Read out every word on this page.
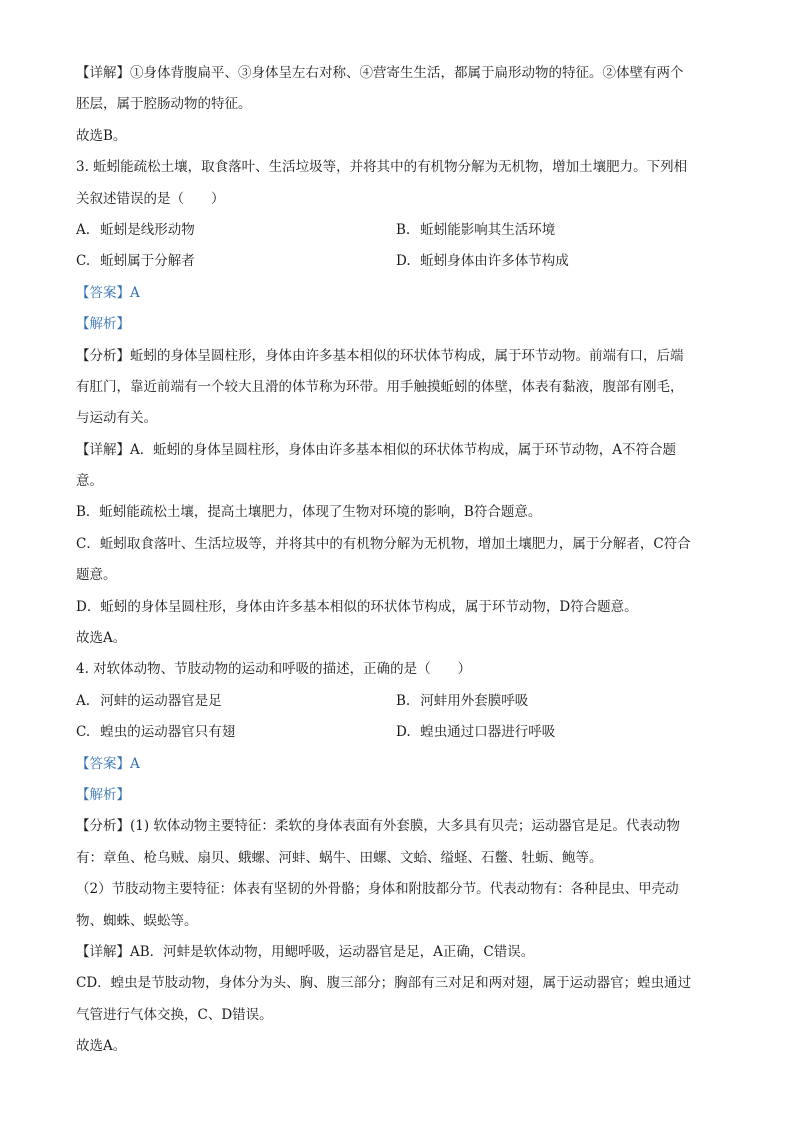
【详解】①身体背腹扁平、③身体呈左右对称、④营寄生生活，都属于扁形动物的特征。②体壁有两个
胚层，属于腔肠动物的特征。
故选B。
3. 蚯蚓能疏松土壤，取食落叶、生活垃圾等，并将其中的有机物分解为无机物，增加土壤肥力。下列相
关叙述错误的是（　　）
A. 蚯蚓是线形动物	B. 蚯蚓能影响其生活环境
C. 蚯蚓属于分解者	D. 蚯蚓身体由许多体节构成
【答案】A
【解析】
【分析】蚯蚓的身体呈圆柱形，身体由许多基本相似的环状体节构成，属于环节动物。前端有口，后端
有肛门，靠近前端有一个较大且滑的体节称为环带。用手触摸蚯蚓的体壁，体表有黏液，腹部有刚毛，
与运动有关。
【详解】A．蚯蚓的身体呈圆柱形，身体由许多基本相似的环状体节构成，属于环节动物，A不符合题
意。
B．蚯蚓能疏松土壤，提高土壤肥力，体现了生物对环境的影响，B符合题意。
C．蚯蚓取食落叶、生活垃圾等，并将其中的有机物分解为无机物，增加土壤肥力，属于分解者，C符合
题意。
D．蚯蚓的身体呈圆柱形，身体由许多基本相似的环状体节构成，属于环节动物，D符合题意。
故选A。
4. 对软体动物、节肢动物的运动和呼吸的描述，正确的是（　　）
A. 河蚌的运动器官是足	B. 河蚌用外套膜呼吸
C. 蝗虫的运动器官只有翅	D. 蝗虫通过口器进行呼吸
【答案】A
【解析】
【分析】(1) 软体动物主要特征：柔软的身体表面有外套膜，大多具有贝壳；运动器官是足。代表动物
有：章鱼、枪乌贼、扇贝、蛾螺、河蚌、蜗牛、田螺、文蛤、缢蛏、石鳖、牡蛎、鲍等。
（2）节肢动物主要特征：体表有坚韧的外骨骼；身体和附肢都分节。代表动物有：各种昆虫、甲壳动
物、蜘蛛、蜈蚣等。
【详解】AB．河蚌是软体动物，用鳃呼吸，运动器官是足，A正确，C错误。
CD．蝗虫是节肢动物，身体分为头、胸、腹三部分；胸部有三对足和两对翅，属于运动器官；蝗虫通过
气管进行气体交换，C、D错误。
故选A。
